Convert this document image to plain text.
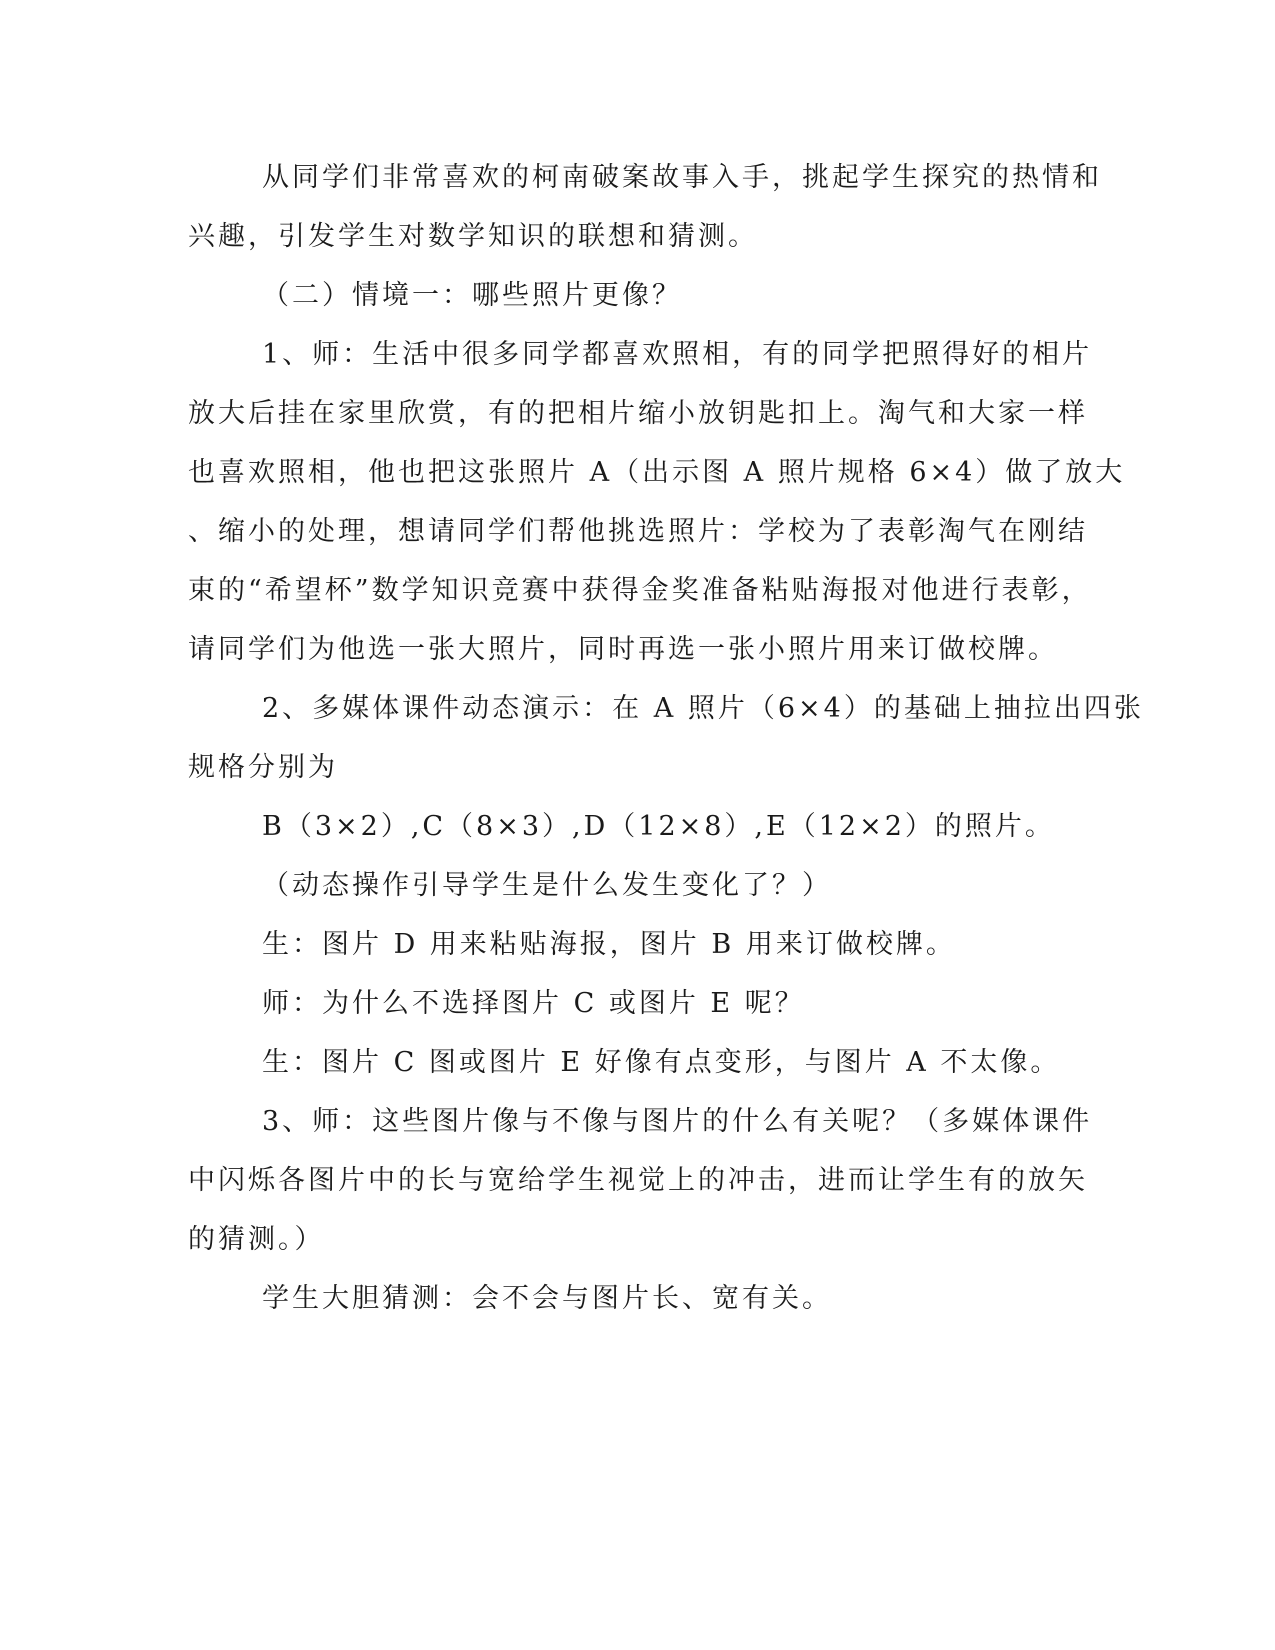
从同学们非常喜欢的柯南破案故事入手，挑起学生探究的热情和
兴趣，引发学生对数学知识的联想和猜测。
（二）情境一：哪些照片更像？
1、师：生活中很多同学都喜欢照相，有的同学把照得好的相片
放大后挂在家里欣赏，有的把相片缩小放钥匙扣上。淘气和大家一样
也喜欢照相，他也把这张照片 A（出示图 A 照片规格 6×4）做了放大
、缩小的处理，想请同学们帮他挑选照片：学校为了表彰淘气在刚结
束的“希望杯”数学知识竞赛中获得金奖准备粘贴海报对他进行表彰，
请同学们为他选一张大照片，同时再选一张小照片用来订做校牌。
2、多媒体课件动态演示：在 A 照片（6×4）的基础上抽拉出四张
规格分别为
B（3×2）,C（8×3）,D（12×8）,E（12×2）的照片。
（动态操作引导学生是什么发生变化了？）
生：图片 D 用来粘贴海报，图片 B 用来订做校牌。
师：为什么不选择图片 C 或图片 E 呢？
生：图片 C 图或图片 E 好像有点变形，与图片 A 不太像。
3、师：这些图片像与不像与图片的什么有关呢？（多媒体课件
中闪烁各图片中的长与宽给学生视觉上的冲击，进而让学生有的放矢
的猜测。）
学生大胆猜测：会不会与图片长、宽有关。
